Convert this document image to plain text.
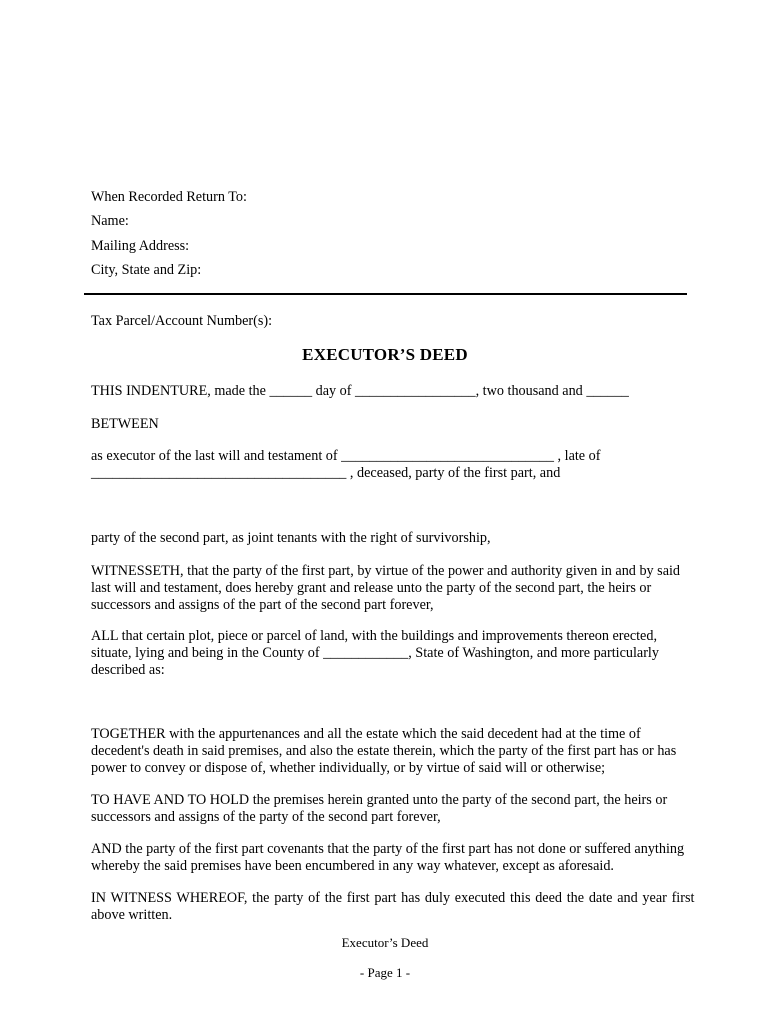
When Recorded Return To:
Name:
Mailing Address:
City, State and Zip:
Tax Parcel/Account Number(s):
EXECUTOR’S DEED
THIS INDENTURE, made the ______ day of _________________, two thousand and ______
BETWEEN
as executor of the last will and testament of ______________________________ , late of
____________________________________ , deceased, party of the first part, and
party of the second part, as joint tenants with the right of survivorship,
WITNESSETH, that the party of the first part, by virtue of the power and authority given in and by said
last will and testament, does hereby grant and release unto the party of the second part, the heirs or
successors and assigns of the part of the second part forever,
ALL that certain plot, piece or parcel of land, with the buildings and improvements thereon erected,
situate, lying and being in the County of ____________, State of Washington, and more particularly
described as:
TOGETHER with the appurtenances and all the estate which the said decedent had at the time of
decedent's death in said premises, and also the estate therein, which the party of the first part has or has
power to convey or dispose of, whether individually, or by virtue of said will or otherwise;
TO HAVE AND TO HOLD the premises herein granted unto the party of the second part, the heirs or
successors and assigns of the party of the second part forever,
AND the party of the first part covenants that the party of the first part has not done or suffered anything
whereby the said premises have been encumbered in any way whatever, except as aforesaid.
IN WITNESS WHEREOF, the party of the first part has duly executed this deed the date and year first
above written.
Executor’s Deed
- Page 1 -
